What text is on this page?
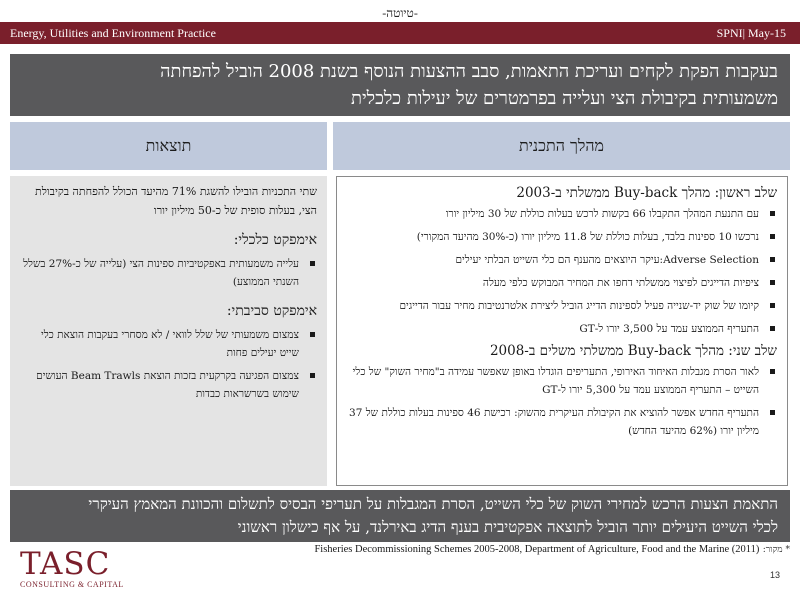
-טיוטה-
Energy, Utilities and Environment Practice	SPNI| May-15
בעקבות הפקת לקחים ועריכת התאמות, סבב ההצעות הנוסף בשנת 2008 הוביל להפחתה
משמעותית בקיבולת הצי ועלייה בפרמטרים של יעילות כלכלית
מהלך התכנית
תוצאות
שלב ראשון: מהלך Buy-back ממשלתי ב-2003
עם התנעת המהלך התקבלו 66 בקשות לרכש בעלות כוללת של 30 מיליון יורו
נרכשו 10 ספינות בלבד, בעלות כוללת של 11.8 מיליון יורו (כ-30% מהיעד המקורי)
Adverse Selection:עיקר היוצאים מהענף הם כלי השייט הבלתי יעילים
ציפיות הדייגים לפיצוי ממשלתי דחפו את המחיר המבוקש כלפי מעלה
קיומו של שוק יד-שנייה פעיל לספינות הדייג הוביל ליצירת אלטרנטיבות מחיר עבור הדייגים
התעריף הממוצע עמד על 3,500 יורו ל-GT
שלב שני: מהלך Buy-back ממשלתי משלים ב-2008
לאור הסרת מגבלות האיחוד האירופי, התעריפים הוגדלו באופן שאפשר עמידה ב"מחיר השוק" של כלי השייט – התעריף הממוצע עמד על 5,300 יורו ל-GT
התעריף החדש אפשר להוציא את הקיבולת העיקרית מהשוק: רכישת 46 ספינות בעלות כוללת של 37 מיליון יורו (62% מהיעד החדש)
שתי התכניות הובילו להשגת 71% מהיעד הכולל להפחתה בקיבולת הצי, בעלות סופית של כ-50 מיליון יורו
אימפקט כלכלי:
עלייה משמעותית באפקטיביות ספינות הצי (עלייה של כ-27% בשלל השנתי הממוצע)
אימפקט סביבתי:
צמצום משמעותי של שלל לוואי / לא מסחרי בעקבות הוצאת כלי שייט יעילים פחות
צמצום הפגיעה בקרקעית בזכות הוצאת Beam Trawls העושים שימוש בשרשראות כבדות
התאמת הצעות הרכש למחירי השוק של כלי השייט, הסרת המגבלות על תעריפי הבסיס לתשלום והכוונת המאמץ העיקרי
לכלי השייט היעילים יותר הוביל לתוצאה אפקטיבית בענף הדיג באירלנד, על אף כישלון ראשוני
TASC
CONSULTING & CAPITAL
* מקור: Fisheries Decommissioning Schemes 2005-2008, Department of Agriculture, Food and the Marine (2011)
13
